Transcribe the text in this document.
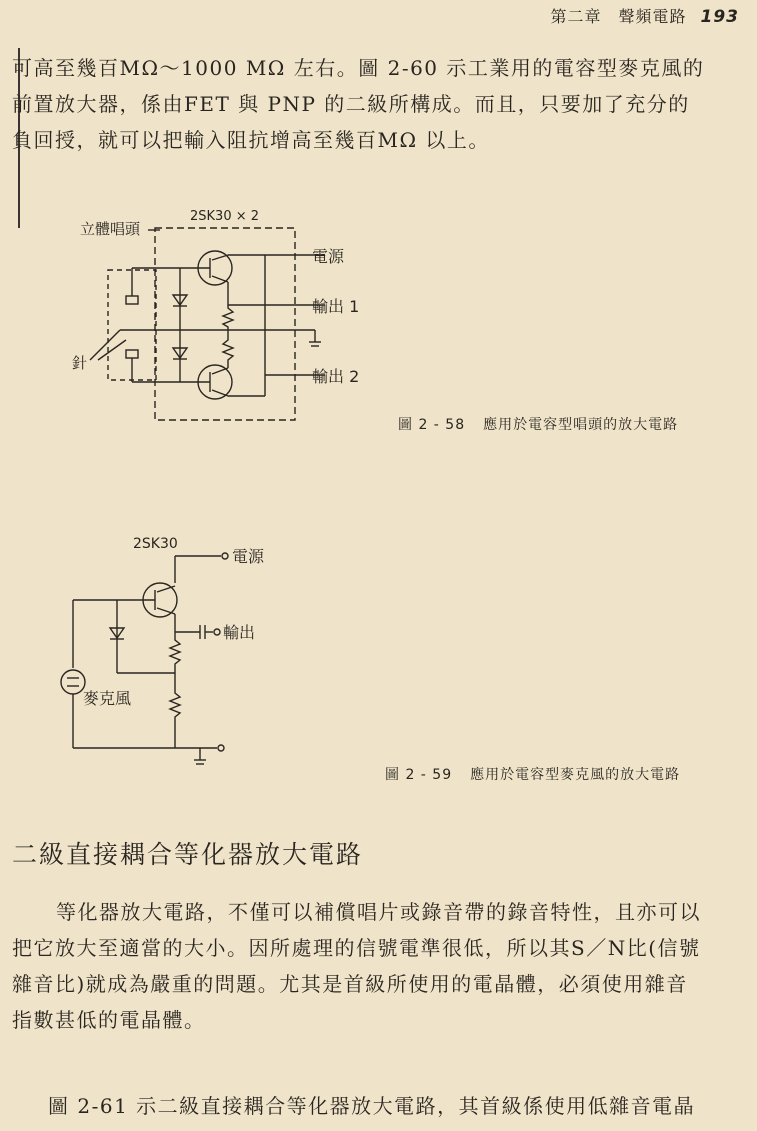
第二章　聲頻電路 193
可高至幾百MΩ～1000 MΩ 左右。圖 2-60 示工業用的電容型麥克風的
前置放大器，係由FET 與 PNP 的二級所構成。而且，只要加了充分的
負回授，就可以把輸入阻抗增高至幾百MΩ 以上。
2SK30 × 2
立體唱頭
針
電源
輸出 1
輸出 2
圖 2 - 58 應用於電容型唱頭的放大電路
2SK30
電源
輸出
麥克風
圖 2 - 59 應用於電容型麥克風的放大電路
二級直接耦合等化器放大電路
等化器放大電路，不僅可以補償唱片或錄音帶的錄音特性，且亦可以
把它放大至適當的大小。因所處理的信號電準很低，所以其S／N比(信號
雜音比)就成為嚴重的問題。尤其是首級所使用的電晶體，必須使用雜音
指數甚低的電晶體。
圖 2-61 示二級直接耦合等化器放大電路，其首級係使用低雜音電晶
